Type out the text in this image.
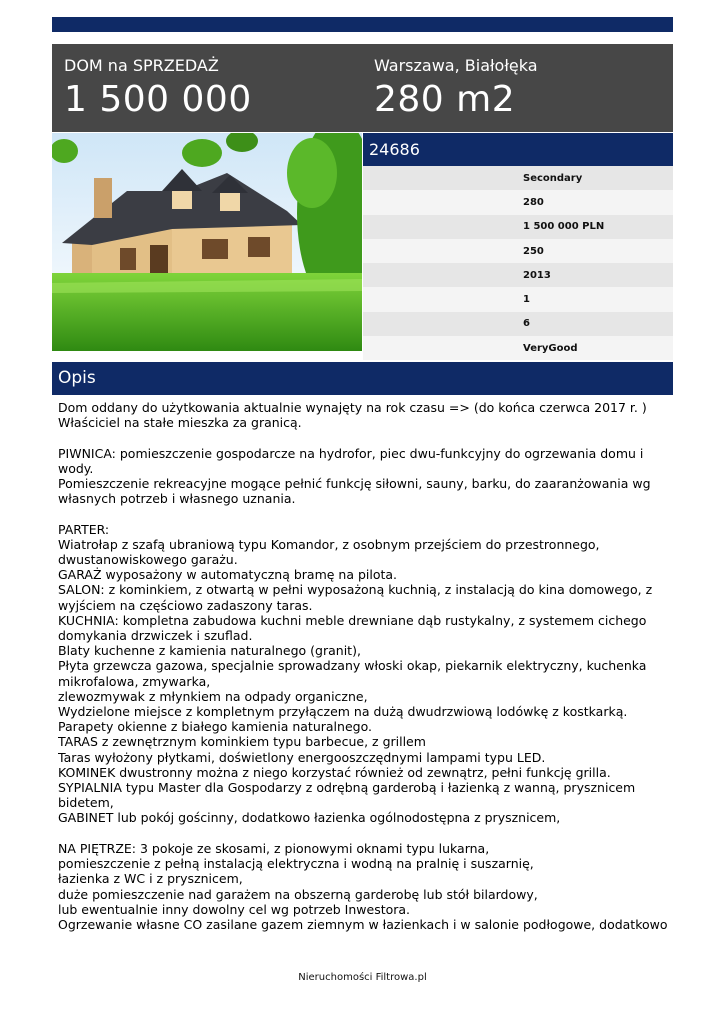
DOM na SPRZEDAŻ
1 500 000
Warszawa, Białołęka
280 m2
24686
Secondary
280
1 500 000 PLN
250
2013
1
6
VeryGood
Opis
Dom oddany do użytkowania aktualnie wynajęty na rok czasu => (do końca czerwca 2017 r. )
Właściciel na stałe mieszka za granicą.

PIWNICA: pomieszczenie gospodarcze na hydrofor, piec dwu-funkcyjny do ogrzewania domu i wody.
Pomieszczenie rekreacyjne mogące pełnić funkcję siłowni, sauny, barku, do zaaranżowania wg własnych potrzeb i własnego uznania.

PARTER:
Wiatrołap z szafą ubraniową typu Komandor, z osobnym przejściem do przestronnego, dwustanowiskowego garażu.
GARAŻ wyposażony w automatyczną bramę na pilota.
SALON: z kominkiem, z otwartą w pełni wyposażoną kuchnią, z instalacją do kina domowego, z wyjściem na częściowo zadaszony taras.
KUCHNIA: kompletna zabudowa kuchni meble drewniane dąb rustykalny, z systemem cichego domykania drzwiczek i szuflad.
Blaty kuchenne z kamienia naturalnego (granit),
Płyta grzewcza gazowa, specjalnie sprowadzany włoski okap, piekarnik elektryczny, kuchenka mikrofalowa, zmywarka,
zlewozmywak z młynkiem na odpady organiczne,
Wydzielone miejsce z kompletnym przyłączem na dużą dwudrzwiową lodówkę z kostkarką.
Parapety okienne z białego kamienia naturalnego.
TARAS z zewnętrznym kominkiem typu barbecue, z grillem
Taras wyłożony płytkami, doświetlony energooszczędnymi lampami typu LED.
KOMINEK dwustronny można z niego korzystać również od zewnątrz, pełni funkcję grilla.
SYPIALNIA typu Master dla Gospodarzy z odrębną garderobą i łazienką z wanną, prysznicem bidetem,
GABINET lub pokój gościnny, dodatkowo łazienka ogólnodostępna z prysznicem,

NA PIĘTRZE: 3 pokoje ze skosami, z pionowymi oknami typu lukarna,
pomieszczenie z pełną instalacją elektryczna i wodną na pralnię i suszarnię,
łazienka z WC i z prysznicem,
duże pomieszczenie nad garażem na obszerną garderobę lub stół bilardowy,
lub ewentualnie inny dowolny cel wg potrzeb Inwestora.
Ogrzewanie własne CO zasilane gazem ziemnym w łazienkach i w salonie podłogowe, dodatkowo
Nieruchomości Filtrowa.pl
